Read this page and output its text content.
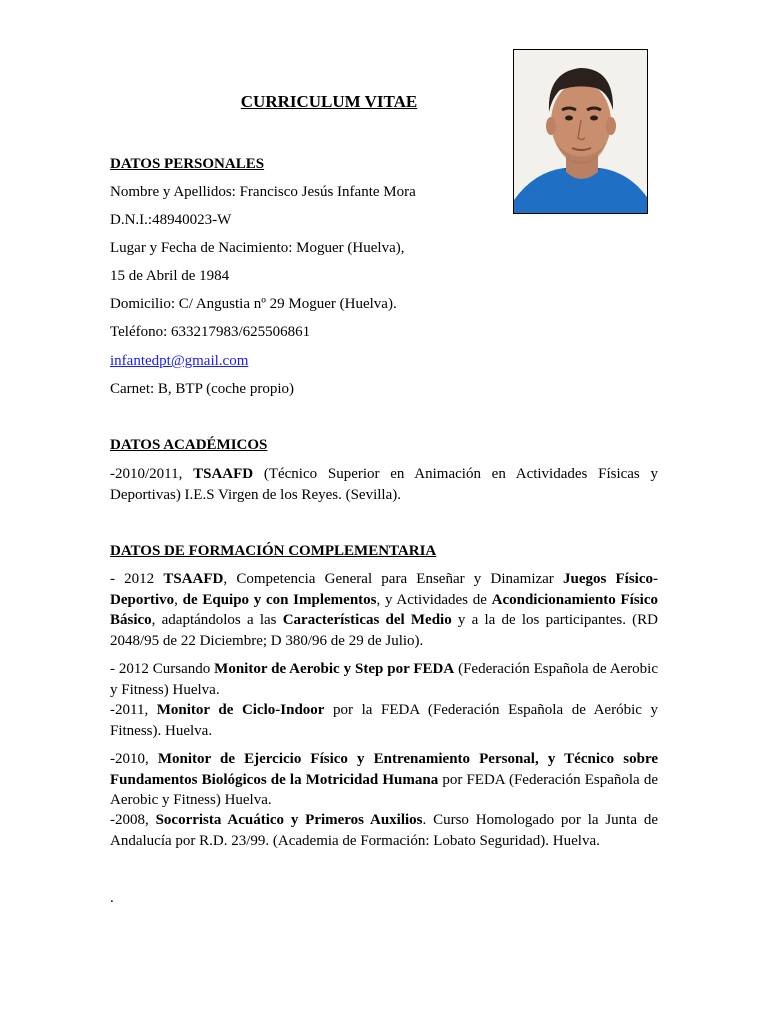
CURRICULUM VITAE
DATOS PERSONALES
Nombre y Apellidos: Francisco Jesús Infante Mora
D.N.I.:48940023-W
Lugar y Fecha de Nacimiento: Moguer (Huelva),
15 de Abril de 1984
Domicilio: C/ Angustia nº 29 Moguer (Huelva).
Teléfono: 633217983/625506861
infantedpt@gmail.com
Carnet: B, BTP (coche propio)
DATOS ACADÉMICOS
-2010/2011, TSAAFD (Técnico Superior en Animación en Actividades Físicas y Deportivas) I.E.S Virgen de los Reyes. (Sevilla).
DATOS DE FORMACIÓN COMPLEMENTARIA
- 2012 TSAAFD, Competencia General para Enseñar y Dinamizar Juegos Físico-Deportivo, de Equipo y con Implementos, y Actividades de Acondicionamiento Físico Básico, adaptándolos a las Características del Medio y a la de los participantes. (RD 2048/95 de 22 Diciembre; D 380/96 de 29 de Julio).
- 2012 Cursando Monitor de Aerobic y Step por FEDA (Federación Española de Aerobic y Fitness) Huelva.
-2011, Monitor de Ciclo-Indoor por la FEDA (Federación Española de Aeróbic y Fitness). Huelva.
-2010, Monitor de Ejercicio Físico y Entrenamiento Personal, y Técnico sobre Fundamentos Biológicos de la Motricidad Humana por FEDA (Federación Española de Aerobic y Fitness) Huelva.
-2008, Socorrista Acuático y Primeros Auxilios. Curso Homologado por la Junta de Andalucía por R.D. 23/99. (Academia de Formación: Lobato Seguridad). Huelva.
.
